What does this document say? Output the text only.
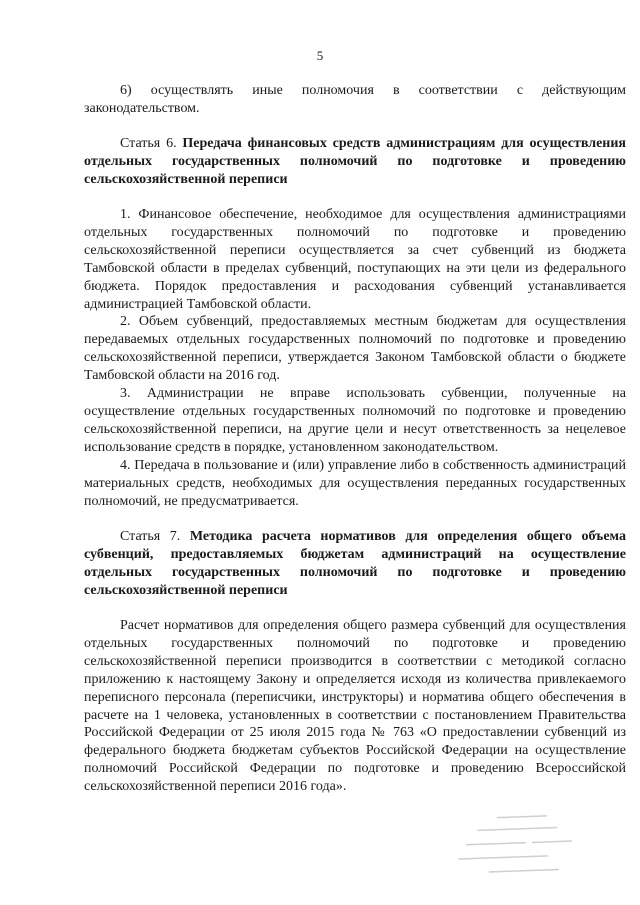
5
6) осуществлять иные полномочия в соответствии с действующим законодательством.
Статья 6. Передача финансовых средств администрациям для осуществления отдельных государственных полномочий по подготовке и проведению сельскохозяйственной переписи

1. Финансовое обеспечение, необходимое для осуществления администрациями отдельных государственных полномочий по подготовке и проведению сельскохозяйственной переписи осуществляется за счет субвенций из бюджета Тамбовской области в пределах субвенций, поступающих на эти цели из федерального бюджета. Порядок предоставления и расходования субвенций устанавливается администрацией Тамбовской области.

2. Объем субвенций, предоставляемых местным бюджетам для осуществления передаваемых отдельных государственных полномочий по подготовке и проведению сельскохозяйственной переписи, утверждается Законом Тамбовской области о бюджете Тамбовской области на 2016 год.

3. Администрации не вправе использовать субвенции, полученные на осуществление отдельных государственных полномочий по подготовке и проведению сельскохозяйственной переписи, на другие цели и несут ответственность за нецелевое использование средств в порядке, установленном законодательством.

4. Передача в пользование и (или) управление либо в собственность администраций материальных средств, необходимых для осуществления переданных государственных полномочий, не предусматривается.

Статья 7. Методика расчета нормативов для определения общего объема субвенций, предоставляемых бюджетам администраций на осуществление отдельных государственных полномочий по подготовке и проведению сельскохозяйственной переписи
Расчет нормативов для определения общего размера субвенций для осуществления отдельных государственных полномочий по подготовке и проведению сельскохозяйственной переписи производится в соответствии с методикой согласно приложению к настоящему Закону и определяется исходя из количества привлекаемого переписного персонала (переписчики, инструкторы) и норматива общего обеспечения в расчете на 1 человека, установленных в соответствии с постановлением Правительства Российской Федерации от 25 июля 2015 года № 763 «О предоставлении субвенций из федерального бюджета бюджетам субъектов Российской Федерации на осуществление полномочий Российской Федерации по подготовке и проведению Всероссийской сельскохозяйственной переписи 2016 года».
